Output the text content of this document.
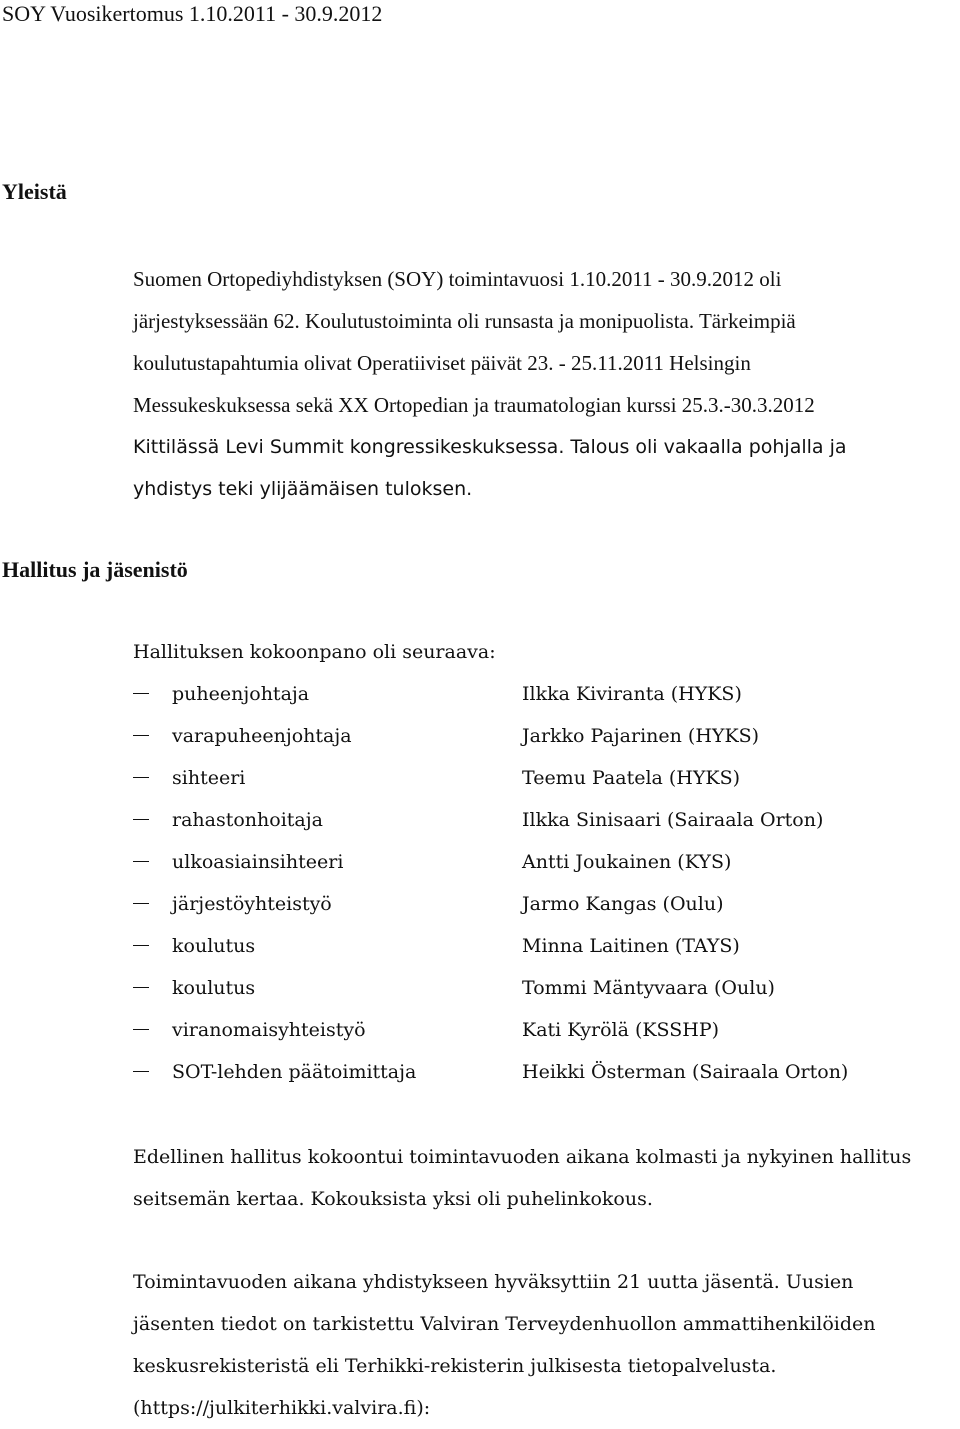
SOY Vuosikertomus 1.10.2011 - 30.9.2012
Yleistä

Suomen Ortopediyhdistyksen (SOY) toimintavuosi 1.10.2011 - 30.9.2012 oli
järjestyksessään 62. Koulutustoiminta oli runsasta ja monipuolista. Tärkeimpiä
koulutustapahtumia olivat Operatiiviset päivät 23. - 25.11.2011 Helsingin
Messukeskuksessa sekä XX Ortopedian ja traumatologian kurssi 25.3.-30.3.2012
Kittilässä Levi Summit kongressikeskuksessa. Talous oli vakaalla pohjalla ja
yhdistys teki ylijäämäisen tuloksen.

Hallitus ja jäsenistö
Hallituksen kokoonpano oli seuraava:
puheenjohtaja	Ilkka Kiviranta (HYKS)
varapuheenjohtaja	Jarkko Pajarinen (HYKS)
sihteeri	Teemu Paatela (HYKS)
rahastonhoitaja	Ilkka Sinisaari (Sairaala Orton)
ulkoasiainsihteeri	Antti Joukainen (KYS)
järjestöyhteistyö	Jarmo Kangas (Oulu)
koulutus	Minna Laitinen (TAYS)
koulutus	Tommi Mäntyvaara (Oulu)
viranomaisyhteistyö	Kati Kyrölä (KSSHP)
SOT-lehden päätoimittaja	Heikki Österman (Sairaala Orton)

Edellinen hallitus kokoontui toimintavuoden aikana kolmasti ja nykyinen hallitus
seitsemän kertaa. Kokouksista yksi oli puhelinkokous.

Toimintavuoden aikana yhdistykseen hyväksyttiin 21 uutta jäsentä. Uusien
jäsenten tiedot on tarkistettu Valviran Terveydenhuollon ammattihenkilöiden
keskusrekisteristä eli Terhikki-rekisterin julkisesta tietopalvelusta.
(https://julkiterhikki.valvira.fi):
